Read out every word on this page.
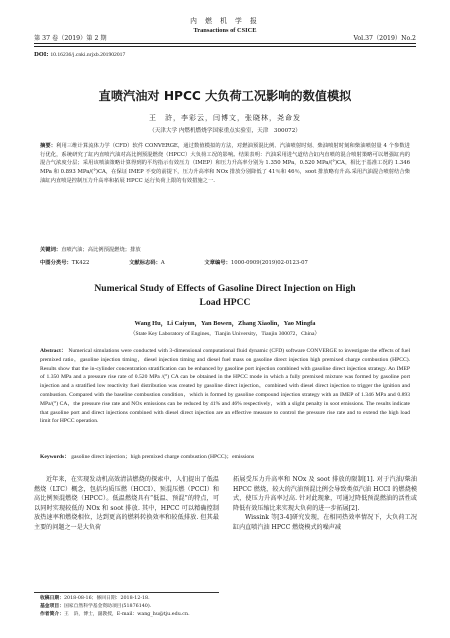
第 37 卷（2019）第 2 期
内 燃 机 学 报
Transactions of CSICE
Vol.37（2019）No.2
DOI: 10.16236/j.cnki.nrjxb.201902017
直喷汽油对 HPCC 大负荷工况影响的数值模拟
王　浒，李彩云，闫博文，张晓林，尧命发
（天津大学 内燃机燃烧学国家重点实验室，天津　300072）
摘要：利用三维计算流体力学（CFD）软件 CONVERGE，通过数值模拟的方法，对燃油预混比例、汽油喷射时刻、柴油喷射时刻和柴油喷射量 4 个参数进行优化，系统研究了缸内直喷汽油对高比例预混燃烧（HPCC）大负荷工况的影响。结果表明：汽油采用进气道结合缸内直喷的混合喷射策略可以增强缸内的混合气浓度分层；采用该喷油策略计算得到的平均指示有效压力（IMEP）和压力升高率分别为 1.350 MPa，0.520 MPa/(°)CA，相比于基准工况的 1.346 MPa 和 0.893 MPa/(°)CA，在保证 IMEP 不变的前提下，压力升高率和 NOx 排放分别降低了 41％和 46％，soot 排放略有升高.采用汽油混合喷射结合柴油缸内直喷是控制压力升高率和拓展 HPCC 运行负荷上限的有效措施之一.
关键词：直喷汽油；高比例预混燃烧；排放
中图分类号：TK422	文献标志码：A	文章编号：1000-0909(2019)02-0123-07
Numerical Study of Effects of Gasoline Direct Injection on High
Load HPCC
Wang Hu，Li Caiyun，Yan Bowen，Zhang Xiaolin，Yao Mingfa
（State Key Laboratory of Engines，Tianjin University，Tianjin 300072，China）
Abstract： Numerical simulations were conducted with 3-dimensional computational fluid dynamic (CFD) software CONVERGE to investigate the effects of fuel premixed ratio，gasoline injection timing，diesel injection timing and diesel fuel mass on gasoline direct injection high premixed charge combustion (HPCC). Results show that the in-cylinder concentration stratification can be enhanced by gasoline port injection combined with gasoline direct injection strategy. An IMEP of 1.350 MPa and a pressure rise rate of 0.520 MPa /(°) CA can be obtained in the HPCC mode in which a fully premixed mixture was formed by gasoline port injection and a stratified low reactivity fuel distribution was created by gasoline direct injection，combined with diesel direct injection to trigger the ignition and combustion. Compared with the baseline combustion condition，which is formed by gasoline compound injection strategy with an IMEP of 1.346 MPa and 0.893 MPa/(°) CA，the pressure rise rate and NOx emissions can be reduced by 41% and 46% respectively，with a slight penalty in soot emissions. The results indicate that gasoline port and direct injections combined with diesel direct injection are an effective measure to control the pressure rise rate and to extend the high load limit for HPCC operation.
Keywords： gasoline direct injection；high premixed charge combustion (HPCC)；emissions
近年来，在实现发动机高效清洁燃烧的探索中，人们提出了低温燃烧（LTC）概念，包括均质压燃（HCCI）、预混压燃（PCCI）和高比例预混燃烧（HPCC）。低温燃烧具有“低温、预混”的特点，可以同时实现较低的 NOx 和 soot 排放. 其中，HPCC 可以精确控制放热速率和燃烧相位，达到更高的燃料转换效率和较低排放. 但其最主要的问题之一是大负荷

拓展受压力升高率和 NOx 及 soot 排放的限制[1]. 对于汽油/柴油 HPCC 燃烧，较大的汽油预混比例会导致类似汽油 HCCI 的燃烧模式，使压力升高率过高. 针对此现象，可通过降低预混燃油的活性或降低有效压缩比来实现大负荷的进一步拓展[2].

Wissink 等[3-4]研究发现，在相同热效率情况下，大负荷工况缸内直喷汽油 HPCC 燃烧模式的噪声减

收稿日期：2018-08-16；修回日期：2018-12-18.
基金项目：国家自然科学基金资助项目(51876140).
作者简介：王　浒，博士，副教授，E-mail：wang_hu@tju.edu.cn.
